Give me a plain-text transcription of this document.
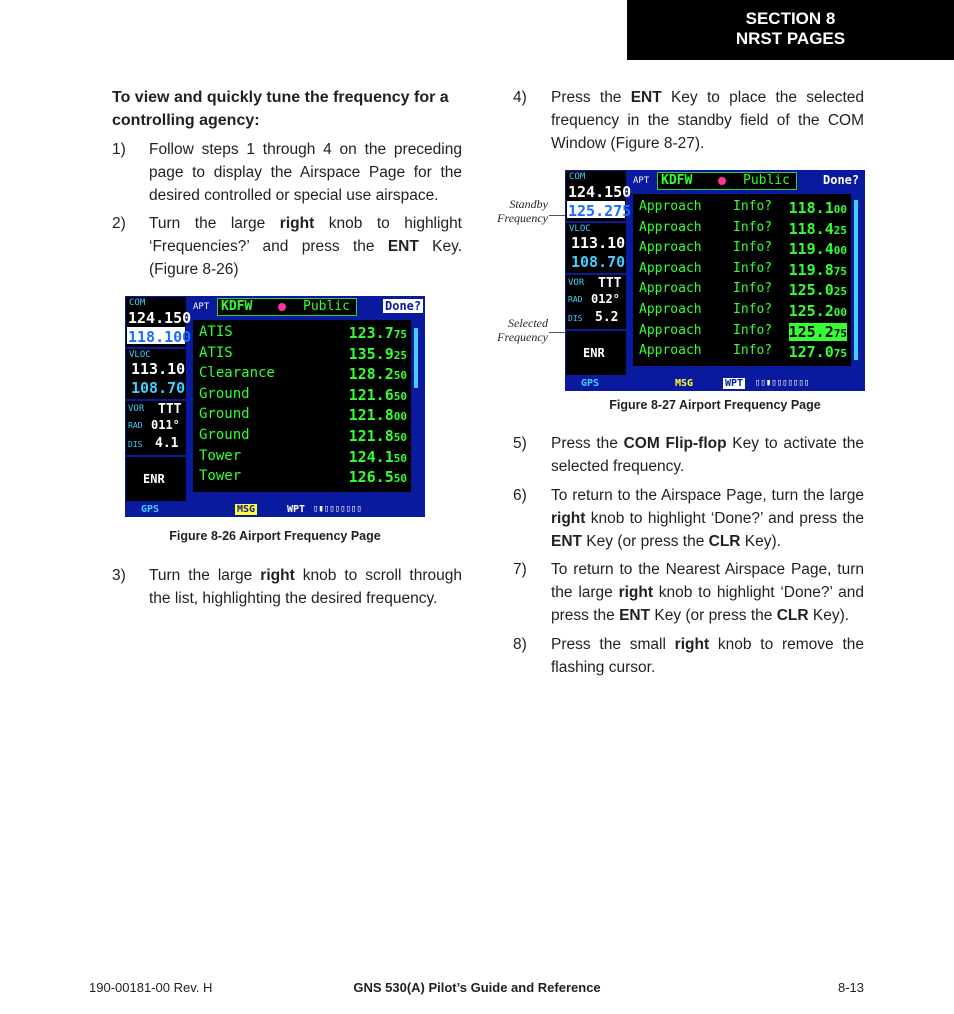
SECTION 8
NRST PAGES
To view and quickly tune the frequency for a controlling agency:
1) Follow steps 1 through 4 on the preceding page to display the Airspace Page for the desired controlled or special use airspace.
2) Turn the large right knob to highlight ‘Frequencies?’ and press the ENT Key. (Figure 8-26)
COM
124.150
118.100
VLOC
113.10
108.70
VOR TTT
RAD 011°
DIS 4.1
ENR
APT KDFW	Public	Done?
ATIS	123.775
ATIS	135.925
Clearance	128.250
Ground	121.650
Ground	121.800
Ground	121.850
Tower	124.150
Tower	126.550
GPS	MSG	WPT ▯▮▯▯▯▯▯▯▯
Figure 8-26 Airport Frequency Page
3) Turn the large right knob to scroll through the list, highlighting the desired frequency.
4) Press the ENT Key to place the selected frequency in the standby field of the COM Window (Figure 8-27).
Standby Frequency
Selected Frequency
COM
124.150
125.275
VLOC
113.10
108.70
VOR TTT
RAD 012°
DIS 5.2
ENR
APT KDFW	Public	Done?
Approach Info? 118.100
Approach Info? 118.425
Approach Info? 119.400
Approach Info? 119.875
Approach Info? 125.025
Approach Info? 125.200
Approach Info? 125.275
Approach Info? 127.075
GPS	MSG	WPT ▯▯▮▯▯▯▯▯▯▯
Figure 8-27 Airport Frequency Page
5) Press the COM Flip-flop Key to activate the selected frequency.
6) To return to the Airspace Page, turn the large right knob to highlight ‘Done?’ and press the ENT Key (or press the CLR Key).
7) To return to the Nearest Airspace Page, turn the large right knob to highlight ‘Done?’ and press the ENT Key (or press the CLR Key).
8) Press the small right knob to remove the flashing cursor.
190-00181-00 Rev. H	GNS 530(A) Pilot’s Guide and Reference	8-13
